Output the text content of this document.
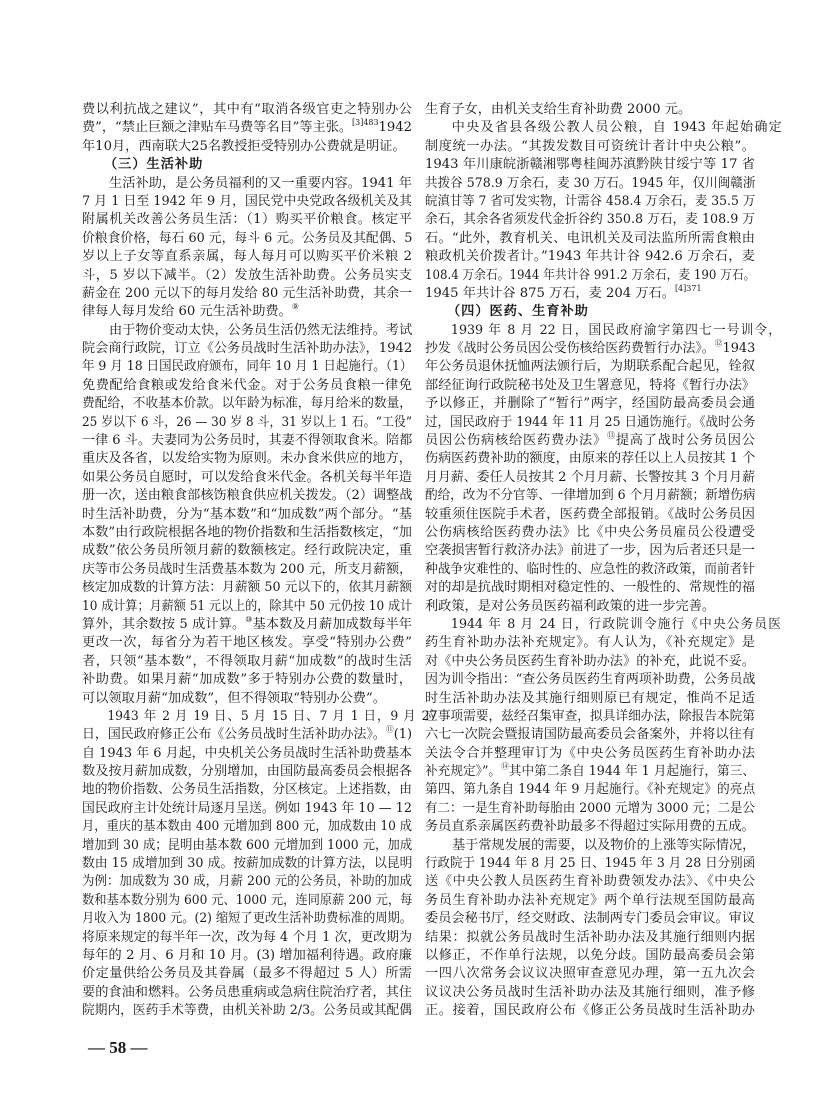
费以利抗战之建议”，其中有“取消各级官吏之特别办公
费”，“禁止巨额之津贴车马费等名目”等主张。$^{[3]483}$1942
年10月，西南联大25名教授拒受特别办公费就是明证。
（三）生活补助
生活补助，是公务员福利的又一重要内容。1941 年
7 月 1 日至 1942 年 9 月，国民党中央党政各级机关及其
附属机关改善公务员生活：（1）购买平价粮食。核定平
价粮食价格，每石 60 元，每斗 6 元。公务员及其配偶、5
岁以上子女等直系亲属，每人每月可以购买平价米粮 2
斗，5 岁以下减半。（2）发放生活补助费。公务员实支
薪金在 200 元以下的每月发给 80 元生活补助费，其余一
律每人每月发给 60 元生活补助费。⑨
由于物价变动太快，公务员生活仍然无法维持。考试
院会商行政院，订立《公务员战时生活补助办法》，1942
年 9 月 18 日国民政府颁布，同年 10 月 1 日起施行。（1）
免费配给食粮或发给食米代金。对于公务员食粮一律免
费配给，不收基本价款。以年龄为标准，每月给米的数量，
25 岁以下 6 斗，26 — 30 岁 8 斗，31 岁以上 1 石。“工役”
一律 6 斗。夫妻同为公务员时，其妻不得领取食米。陪都
重庆及各省，以发给实物为原则。未办食米供应的地方，
如果公务员自愿时，可以发给食米代金。各机关每半年造
册一次，送由粮食部核饬粮食供应机关拨发。（2）调整战
时生活补助费，分为“基本数”和“加成数”两个部分。“基
本数”由行政院根据各地的物价指数和生活指数核定，“加
成数”依公务员所领月薪的数额核定。经行政院决定，重
庆等市公务员战时生活费基本数为 200 元，所支月薪额，
核定加成数的计算方法：月薪额 50 元以下的，依其月薪额
10 成计算；月薪额 51 元以上的，除其中 50 元仍按 10 成计
算外，其余数按 5 成计算。⑩基本数及月薪加成数每半年
更改一次，每省分为若干地区核发。享受“特别办公费”
者，只领“基本数”，不得领取月薪“加成数”的战时生活
补助费。如果月薪“加成数”多于特别办公费的数量时，
可以领取月薪“加成数”，但不得领取“特别办公费”。
1943 年 2 月 19 日、5 月 15 日、7 月 1 日，9 月 27
日，国民政府修正公布《公务员战时生活补助办法》。⑪(1)
自 1943 年 6 月起，中央机关公务员战时生活补助费基本
数及按月薪加成数，分别增加，由国防最高委员会根据各
地的物价指数、公务员生活指数，分区核定。上述指数，由
国民政府主计处统计局逐月呈送。例如 1943 年 10 — 12
月，重庆的基本数由 400 元增加到 800 元，加成数由 10 成
增加到 30 成；昆明由基本数 600 元增加到 1000 元，加成
数由 15 成增加到 30 成。按薪加成数的计算方法，以昆明
为例：加成数为 30 成，月薪 200 元的公务员，补助的加成
数和基本数分别为 600 元、1000 元，连同原薪 200 元，每
月收入为 1800 元。(2) 缩短了更改生活补助费标准的周期。
将原来规定的每半年一次，改为每 4 个月 1 次，更改期为
每年的 2 月、6 月和 10 月。(3) 增加福利待遇。政府廉
价定量供给公务员及其眷属（最多不得超过 5 人）所需
要的食油和燃料。公务员患重病或急病住院治疗者，其住
院期内，医药手术等费，由机关补助 2/3。公务员或其配偶
生育子女，由机关支给生育补助费 2000 元。
中央及省县各级公教人员公粮，自 1943 年起始确定
制度统一办法。“其拨发数目可资统计者计中央公粮”。
1943 年川康皖浙赣湘鄂粤桂闽苏滇黔陕甘绥宁等 17 省
共拨谷 578.9 万余石，麦 30 万石。1945 年，仅川闽赣浙
皖滇甘等 7 省可发实物，计需谷 458.4 万余石，麦 35.5 万
余石，其余各省须发代金折谷约 350.8 万石，麦 108.9 万
石。“此外，教育机关、电讯机关及司法监所所需食粮由
粮政机关价拨者计。”1943 年共计谷 942.6 万余石，麦
108.4 万余石。1944 年共计谷 991.2 万余石，麦 190 万石。
1945 年共计谷 875 万石，麦 204 万石。$^{[4]371}$
（四）医药、生育补助
1939 年 8 月 22 日，国民政府渝字第四七一号训令，
抄发《战时公务员因公受伤核给医药费暂行办法》。⑫1943
年公务员退休抚恤两法颁行后，为期联系配合起见，铨叙
部经征询行政院秘书处及卫生署意见，特将《暂行办法》
予以修正，并删除了“暂行”两字，经国防最高委员会通
过，国民政府于 1944 年 11 月 25 日通饬施行。《战时公务
员因公伤病核给医药费办法》⑬提高了战时公务员因公
伤病医药费补助的额度，由原来的荐任以上人员按其 1 个
月月薪、委任人员按其 2 个月月薪、长警按其 3 个月月薪
酌给，改为不分官等、一律增加到 6 个月月薪额；新增伤病
较重须住医院手术者，医药费全部报销。《战时公务员因
公伤病核给医药费办法》比《中央公务员雇员公役遭受
空袭损害暂行救济办法》前进了一步，因为后者还只是一
种战争灾难性的、临时性的、应急性的救济政策，而前者针
对的却是抗战时期相对稳定性的、一般性的、常规性的福
利政策，是对公务员医药福利政策的进一步完善。
1944 年 8 月 24 日，行政院训令施行《中央公务员医
药生育补助办法补充规定》。有人认为，《补充规定》是
对《中央公务员医药生育补助办法》的补充，此说不妥。
因为训令指出：“查公务员医药生育两项补助费，公务员战
时生活补助办法及其施行细则原已有规定，惟尚不足适
应事项需要，兹经召集审查，拟具详细办法，除报告本院第
六七一次院会暨报请国防最高委员会备案外，并将以往有
关法令合并整理审订为《中央公务员医药生育补助办法
补充规定》”。⑭其中第二条自 1944 年 1 月起施行，第三、
第四、第九条自 1944 年 9 月起施行。《补充规定》的亮点
有二：一是生育补助每胎由 2000 元增为 3000 元；二是公
务员直系亲属医药费补助最多不得超过实际用费的五成。
基于常规发展的需要，以及物价的上涨等实际情况，
行政院于 1944 年 8 月 25 日、1945 年 3 月 28 日分别函
送《中央公教人员医药生育补助费领发办法》、《中央公
务员生育补助办法补充规定》两个单行法规至国防最高
委员会秘书厅，经交财政、法制两专门委员会审议。审议
结果：拟就公务员战时生活补助办法及其施行细则内据
以修正，不作单行法规，以免分歧。国防最高委员会第
一四八次常务会议议决照审查意见办理，第一五九次会
议议决公务员战时生活补助办法及其施行细则，准予修
正。接着，国民政府公布《修正公务员战时生活补助办
— 58 —
